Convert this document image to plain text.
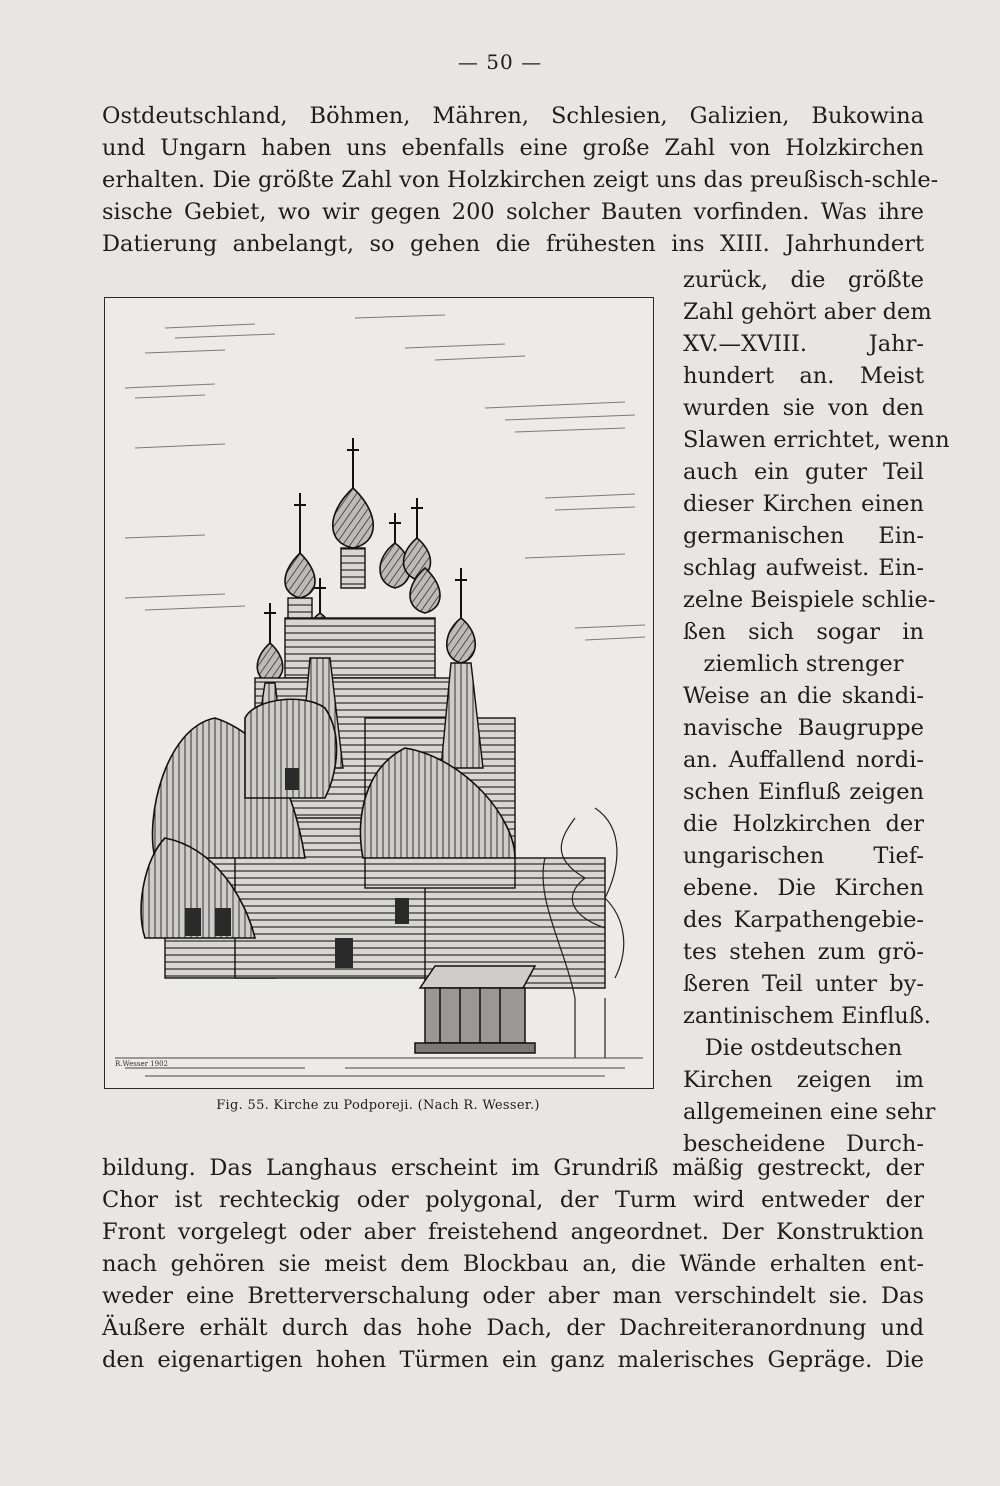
— 50 —
Ostdeutschland, Böhmen, Mähren, Schlesien, Galizien, Bukowina
und Ungarn haben uns ebenfalls eine große Zahl von Holzkirchen
erhalten. Die größte Zahl von Holzkirchen zeigt uns das preußisch-schle-
sische Gebiet, wo wir gegen 200 solcher Bauten vorfinden. Was ihre
Datierung anbelangt, so gehen die frühesten ins XIII. Jahrhundert
zurück, die größte
Zahl gehört aber dem
XV.—XVIII. Jahr-
hundert an. Meist
wurden sie von den
Slawen errichtet, wenn
auch ein guter Teil
dieser Kirchen einen
germanischen Ein-
schlag aufweist. Ein-
zelne Beispiele schlie-
ßen sich sogar in
ziemlich strenger
Weise an die skandi-
navische Baugruppe
an. Auffallend nordi-
schen Einfluß zeigen
die Holzkirchen der
ungarischen Tief-
ebene. Die Kirchen
des Karpathengebie-
tes stehen zum grö-
ßeren Teil unter by-
zantinischem Einfluß.
Die ostdeutschen
Kirchen zeigen im
allgemeinen eine sehr
bescheidene Durch-
bildung. Das Langhaus erscheint im Grundriß mäßig gestreckt, der
Chor ist rechteckig oder polygonal, der Turm wird entweder der
Front vorgelegt oder aber freistehend angeordnet. Der Konstruktion
nach gehören sie meist dem Blockbau an, die Wände erhalten ent-
weder eine Bretterverschalung oder aber man verschindelt sie. Das
Äußere erhält durch das hohe Dach, der Dachreiteranordnung und
den eigenartigen hohen Türmen ein ganz malerisches Gepräge. Die
R.Wesser 1902
Fig. 55. Kirche zu Podporeji. (Nach R. Wesser.)
